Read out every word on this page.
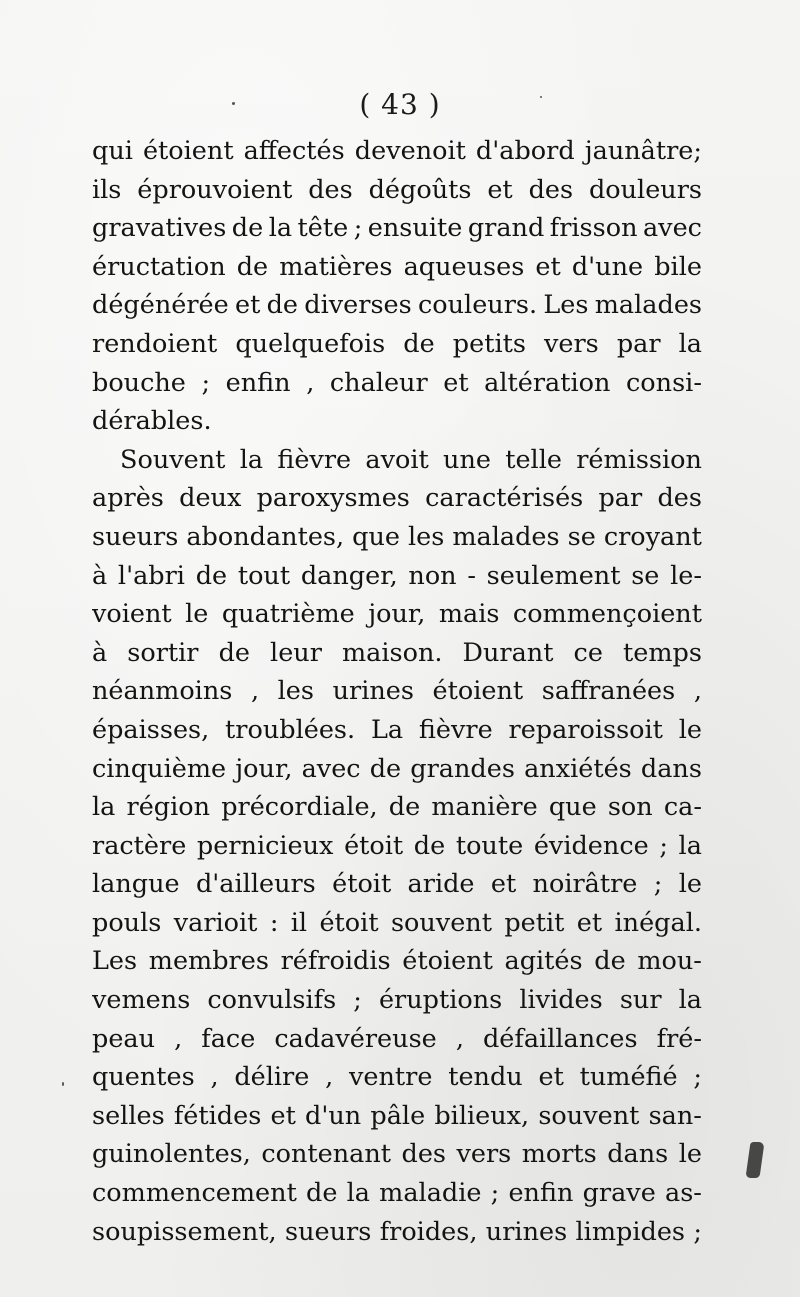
( 43 )
qui étoient affectés devenoit d'abord jaunâtre;
ils éprouvoient des dégoûts et des douleurs
gravatives de la tête ; ensuite grand frisson avec
éructation de matières aqueuses et d'une bile
dégénérée et de diverses couleurs. Les malades
rendoient quelquefois de petits vers par la
bouche ; enfin , chaleur et altération consi-
dérables.
Souvent la fièvre avoit une telle rémission
après deux paroxysmes caractérisés par des
sueurs abondantes, que les malades se croyant
à l'abri de tout danger, non - seulement se le-
voient le quatrième jour, mais commençoient
à sortir de leur maison. Durant ce temps
néanmoins , les urines étoient saffranées ,
épaisses, troublées. La fièvre reparoissoit le
cinquième jour, avec de grandes anxiétés dans
la région précordiale, de manière que son ca-
ractère pernicieux étoit de toute évidence ; la
langue d'ailleurs étoit aride et noirâtre ; le
pouls varioit : il étoit souvent petit et inégal.
Les membres réfroidis étoient agités de mou-
vemens convulsifs ; éruptions livides sur la
peau , face cadavéreuse , défaillances fré-
quentes , délire , ventre tendu et tuméfié ;
selles fétides et d'un pâle bilieux, souvent san-
guinolentes, contenant des vers morts dans le
commencement de la maladie ; enfin grave as-
soupissement, sueurs froides, urines limpides ;
